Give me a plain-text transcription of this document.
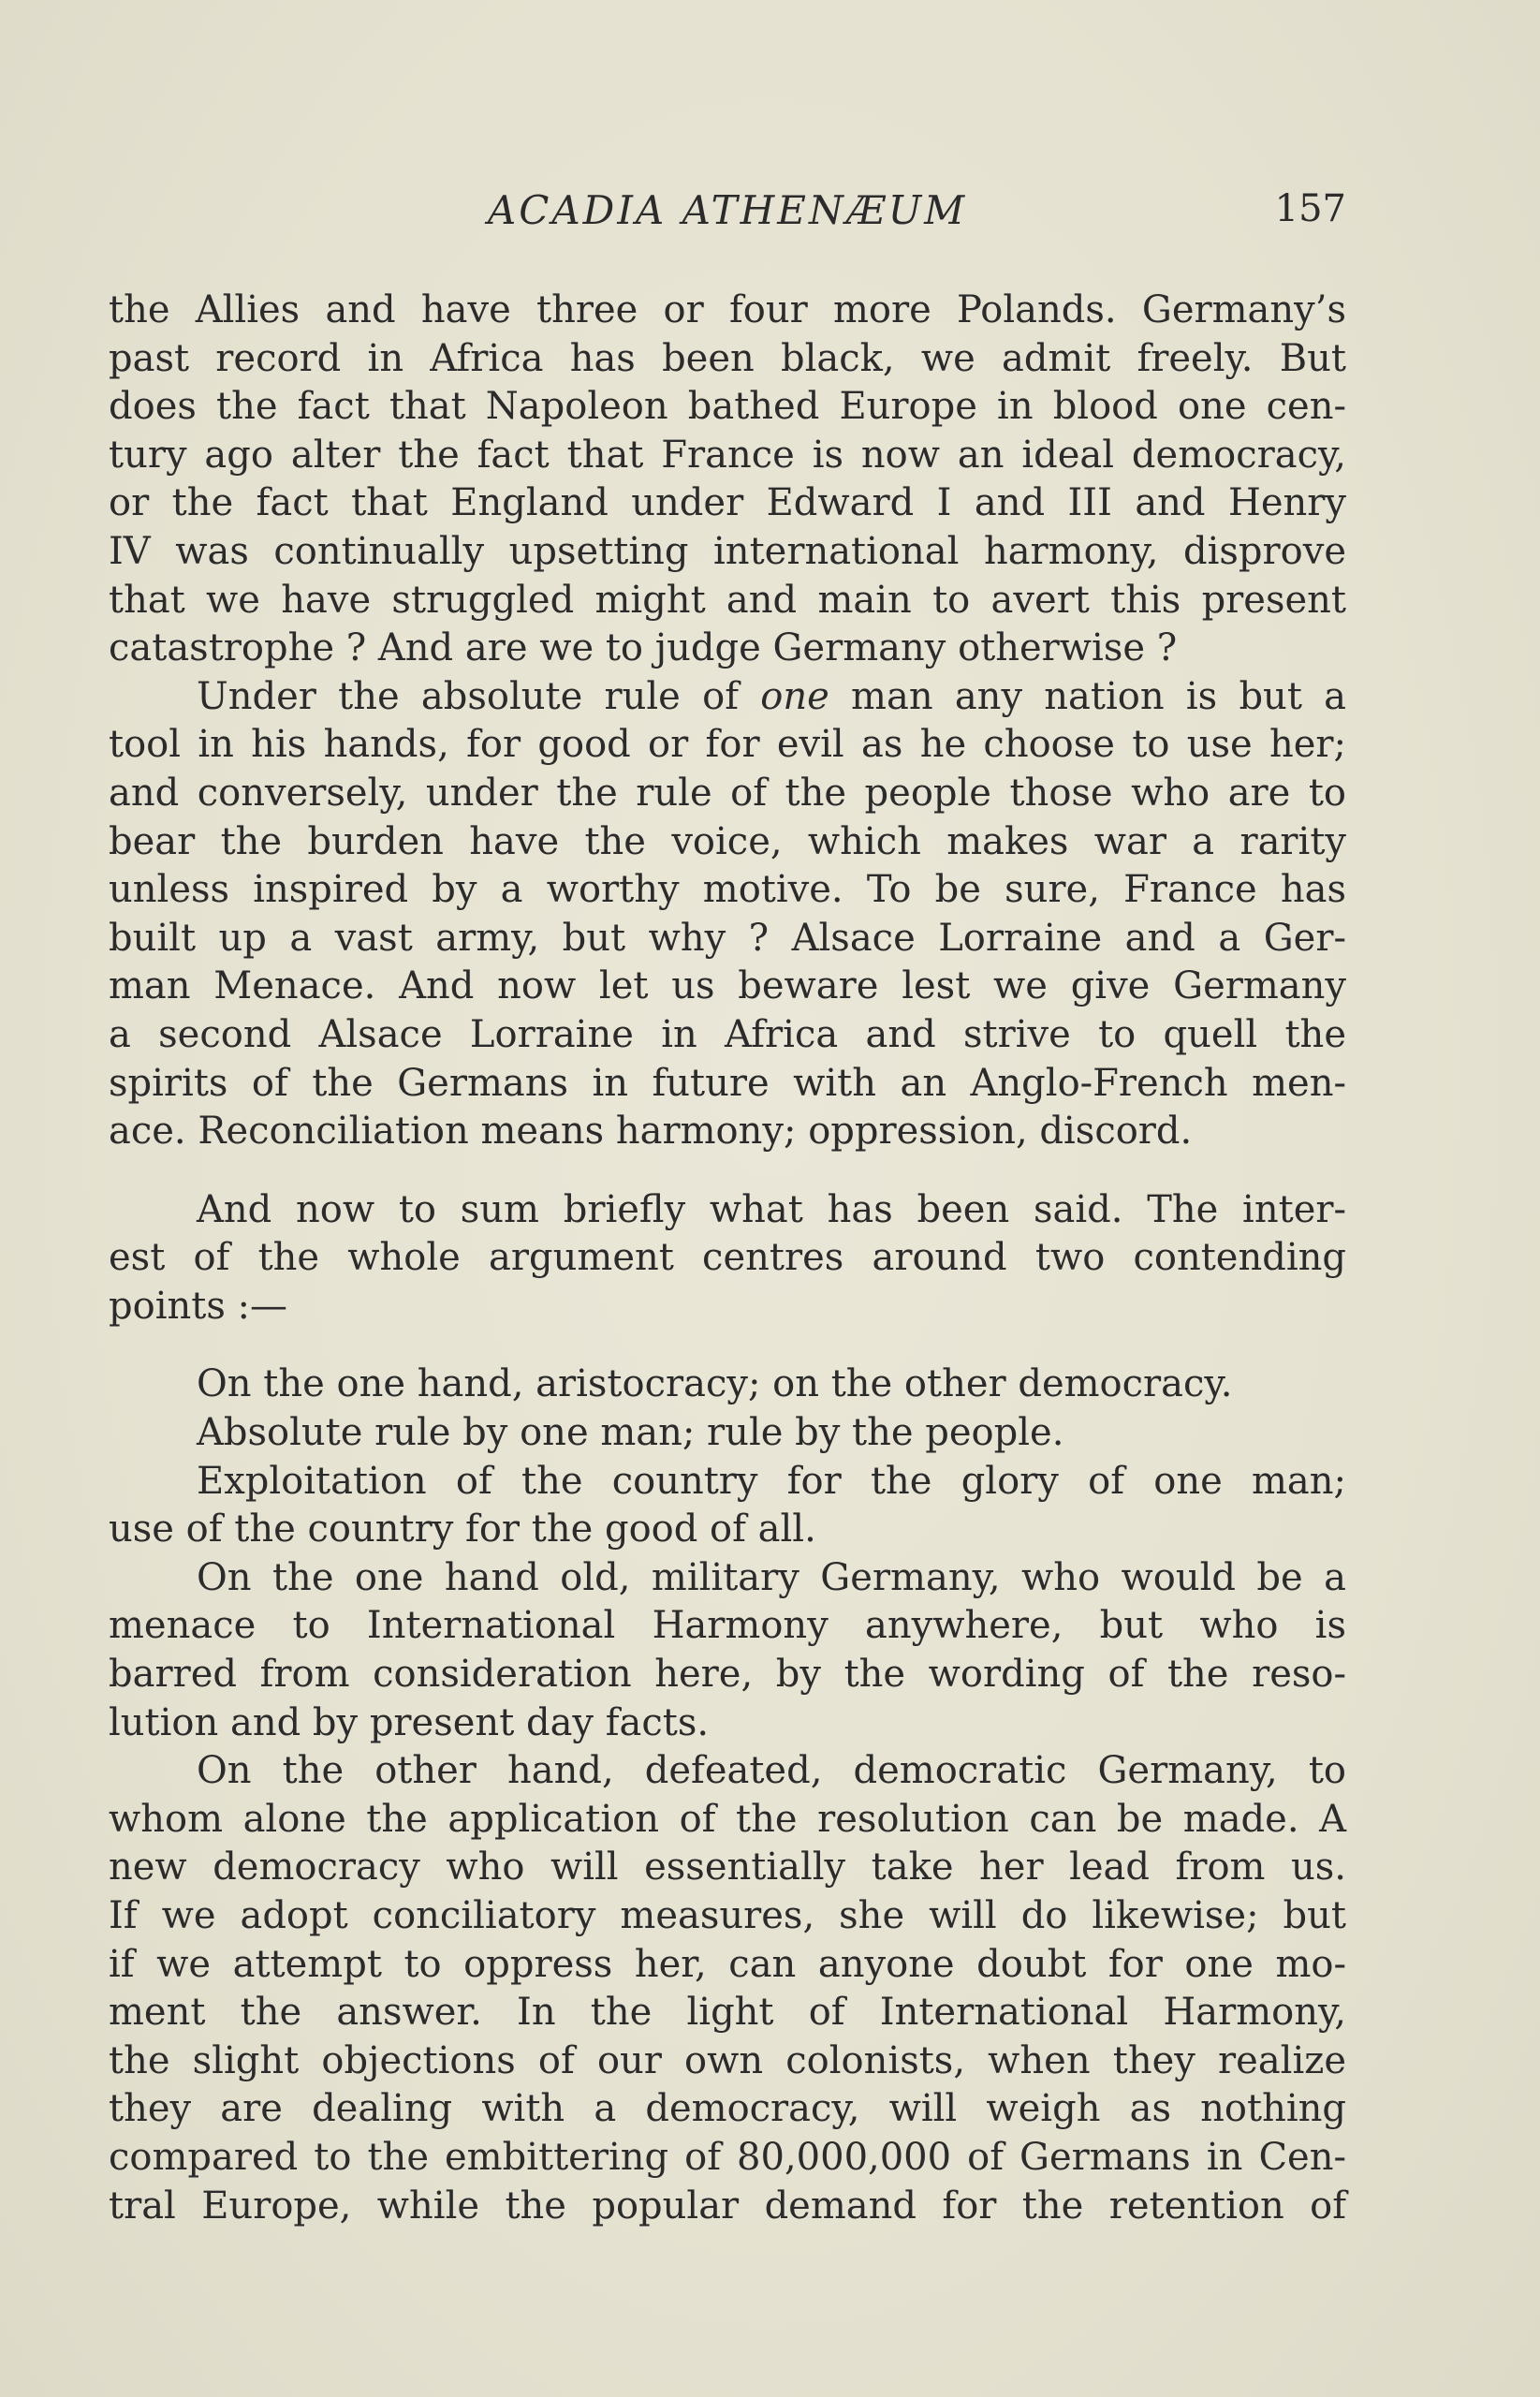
ACADIA ATHENÆUM	157

the Allies and have three or four more Polands. Germany’s

past record in Africa has been black, we admit freely. But

does the fact that Napoleon bathed Europe in blood one cen-

tury ago alter the fact that France is now an ideal democracy,

or the fact that England under Edward I and III and Henry

IV was continually upsetting international harmony, disprove

that we have struggled might and main to avert this present

catastrophe ? And are we to judge Germany otherwise ?

Under the absolute rule of one man any nation is but a

tool in his hands, for good or for evil as he choose to use her;

and conversely, under the rule of the people those who are to

bear the burden have the voice, which makes war a rarity

unless inspired by a worthy motive. To be sure, France has

built up a vast army, but why ? Alsace Lorraine and a Ger-

man Menace. And now let us beware lest we give Germany

a second Alsace Lorraine in Africa and strive to quell the

spirits of the Germans in future with an Anglo-French men-

ace. Reconciliation means harmony; oppression, discord.

And now to sum briefly what has been said. The inter-

est of the whole argument centres around two contending

points :—

On the one hand, aristocracy; on the other democracy.

Absolute rule by one man; rule by the people.

Exploitation of the country for the glory of one man;

use of the country for the good of all.

On the one hand old, military Germany, who would be a

menace to International Harmony anywhere, but who is

barred from consideration here, by the wording of the reso-

lution and by present day facts.

On the other hand, defeated, democratic Germany, to

whom alone the application of the resolution can be made. A

new democracy who will essentially take her lead from us.

If we adopt conciliatory measures, she will do likewise; but

if we attempt to oppress her, can anyone doubt for one mo-

ment the answer. In the light of International Harmony,

the slight objections of our own colonists, when they realize

they are dealing with a democracy, will weigh as nothing

compared to the embittering of 80,000,000 of Germans in Cen-

tral Europe, while the popular demand for the retention of
